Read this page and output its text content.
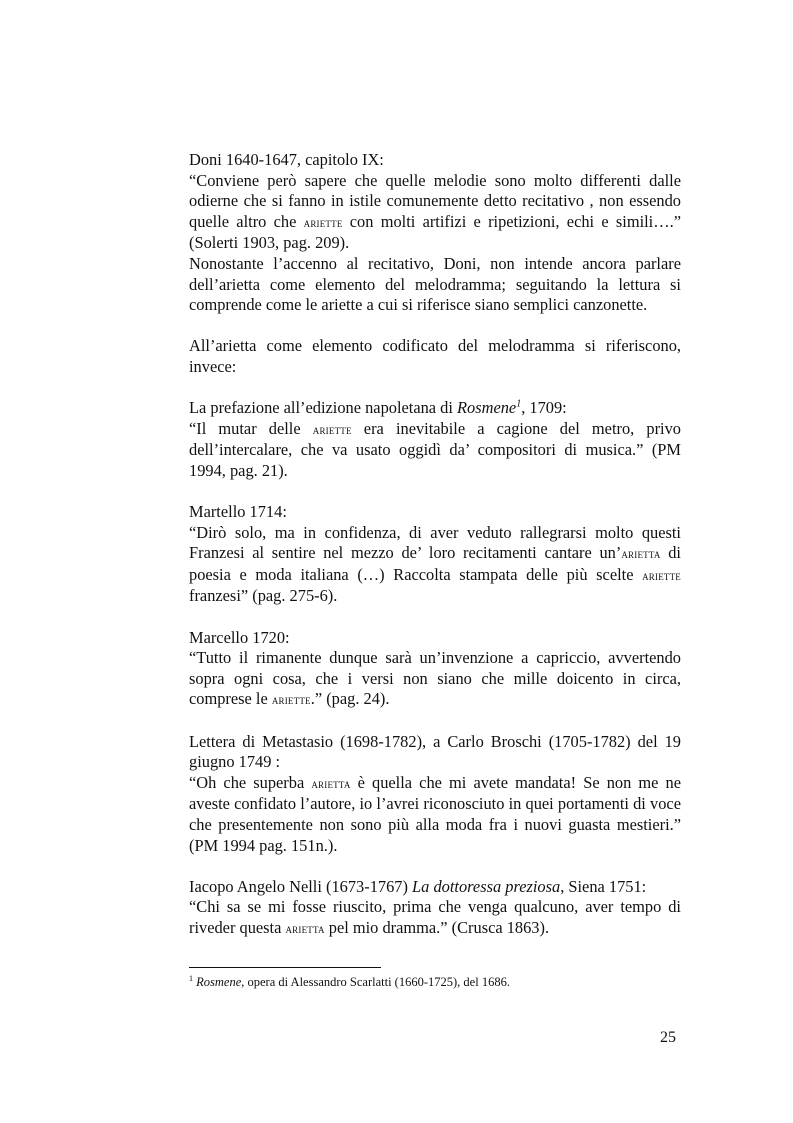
Doni 1640-1647, capitolo IX:

“Conviene però sapere che quelle melodie sono molto differenti dalle odierne che si fanno in istile comunemente detto recitativo , non essendo quelle altro che ariette con molti artifizi e ripetizioni, echi e simili….” (Solerti 1903, pag. 209).

Nonostante l’accenno al recitativo, Doni, non intende ancora parlare dell’arietta come elemento del melodramma; seguitando la lettura si comprende come le ariette a cui si riferisce siano semplici canzonette.

All’arietta come elemento codificato del melodramma si riferiscono, invece:

La prefazione all’edizione napoletana di Rosmene$^1$, 1709:

“Il mutar delle ariette era inevitabile a cagione del metro, privo dell’intercalare, che va usato oggidì da’ compositori di musica.” (PM 1994, pag. 21).

Martello 1714:

“Dirò solo, ma in confidenza, di aver veduto rallegrarsi molto questi Franzesi al sentire nel mezzo de’ loro recitamenti cantare un’arietta di poesia e moda italiana (…) Raccolta stampata delle più scelte ariette franzesi” (pag. 275-6).

Marcello 1720:

“Tutto il rimanente dunque sarà un’invenzione a capriccio, avvertendo sopra ogni cosa, che i versi non siano che mille doicento in circa, comprese le ariette.” (pag. 24).

Lettera di Metastasio (1698-1782), a Carlo Broschi (1705-1782) del 19 giugno 1749 :

“Oh che superba arietta è quella che mi avete mandata! Se non me ne aveste confidato l’autore, io l’avrei riconosciuto in quei portamenti di voce che presentemente non sono più alla moda fra i nuovi guasta mestieri.” (PM 1994 pag. 151n.).

Iacopo Angelo Nelli (1673-1767) La dottoressa preziosa, Siena 1751:

“Chi sa se mi fosse riuscito, prima che venga qualcuno, aver tempo di riveder questa arietta pel mio dramma.” (Crusca 1863).

$^1$ Rosmene, opera di Alessandro Scarlatti (1660-1725), del 1686.
25
